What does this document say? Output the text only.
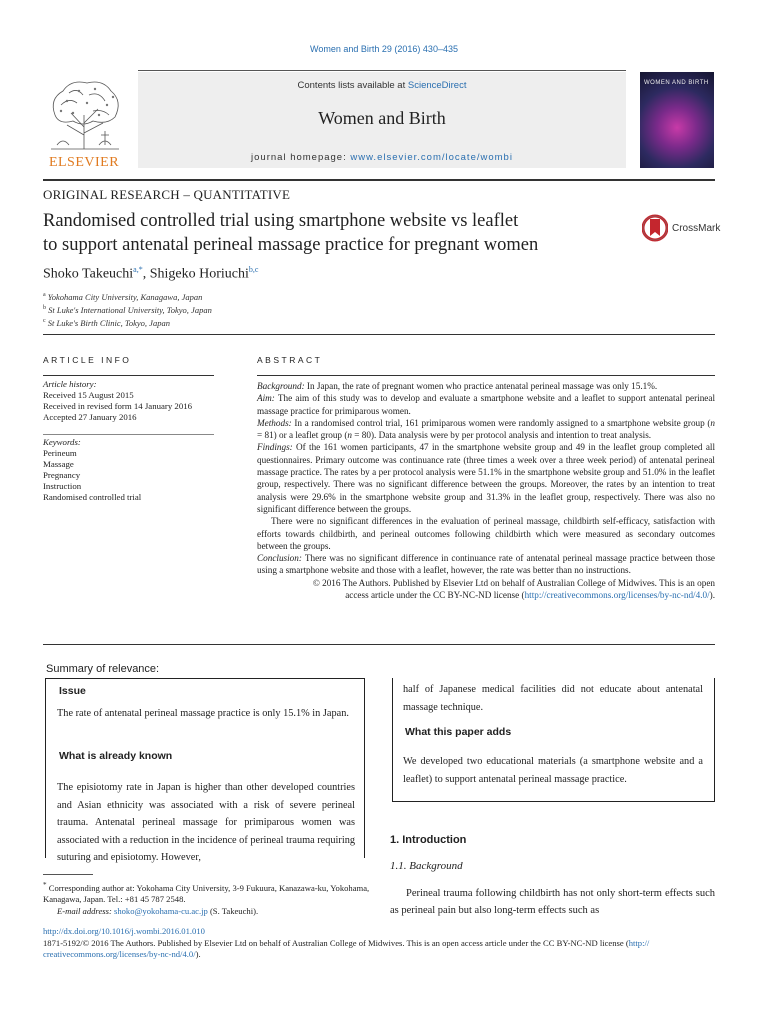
Women and Birth 29 (2016) 430–435
ELSEVIER
Contents lists available at ScienceDirect
Women and Birth
journal homepage: www.elsevier.com/locate/wombi
WOMEN AND BIRTH
ORIGINAL RESEARCH – QUANTITATIVE
Randomised controlled trial using smartphone website vs leaflet
to support antenatal perineal massage practice for pregnant women
CrossMark
Shoko Takeuchi$^{a,*}$, Shigeko Horiuchi$^{b,c}$
$^a$ Yokohama City University, Kanagawa, Japan
$^b$ St Luke's International University, Tokyo, Japan
$^c$ St Luke's Birth Clinic, Tokyo, Japan
ARTICLE INFO
Article history:
Received 15 August 2015
Received in revised form 14 January 2016
Accepted 27 January 2016
Keywords:
Perineum
Massage
Pregnancy
Instruction
Randomised controlled trial
ABSTRACT

Background: In Japan, the rate of pregnant women who practice antenatal perineal massage was only 15.1%.

Aim: The aim of this study was to develop and evaluate a smartphone website and a leaflet to support antenatal perineal massage practice for primiparous women.

Methods: In a randomised control trial, 161 primiparous women were randomly assigned to a smartphone website group (n = 81) or a leaflet group (n = 80). Data analysis were by per protocol analysis and intention to treat analysis.

Findings: Of the 161 women participants, 47 in the smartphone website group and 49 in the leaflet group completed all questionnaires. Primary outcome was continuance rate (three times a week over a three week period) of antenatal perineal massage practice. The rates by a per protocol analysis were 51.1% in the smartphone website group and 51.0% in the leaflet group, respectively. There was no significant difference between the groups. Moreover, the rates by an intention to treat analysis were 29.6% in the smartphone website group and 31.3% in the leaflet group, respectively. There was also no significant difference between the groups.

There were no significant differences in the evaluation of perineal massage, childbirth self-efficacy, satisfaction with efforts towards childbirth, and perineal outcomes following childbirth which were measured as secondary outcomes between the groups.

Conclusion: There was no significant difference in continuance rate of antenatal perineal massage practice between those using a smartphone website and those with a leaflet, however, the rate was better than no instructions.

© 2016 The Authors. Published by Elsevier Ltd on behalf of Australian College of Midwives. This is an open

access article under the CC BY-NC-ND license (http://creativecommons.org/licenses/by-nc-nd/4.0/).

Summary of relevance:
Issue
The rate of antenatal perineal massage practice is only 15.1% in Japan.
What is already known
The episiotomy rate in Japan is higher than other developed countries and Asian ethnicity was associated with a risk of severe perineal trauma. Antenatal perineal massage for primiparous women was associated with a reduction in the incidence of perineal trauma requiring suturing and episiotomy. However,
half of Japanese medical facilities did not educate about antenatal massage technique.
What this paper adds
We developed two educational materials (a smartphone website and a leaflet) to support antenatal perineal massage practice.
1. Introduction
1.1. Background
Perineal trauma following childbirth has not only short-term effects such as perineal pain but also long-term effects such as
* Corresponding author at: Yokohama City University, 3-9 Fukuura, Kanazawa-ku, Yokohama, Kanagawa, Japan. Tel.: +81 45 787 2548.
E-mail address: shoko@yokohama-cu.ac.jp (S. Takeuchi).
http://dx.doi.org/10.1016/j.wombi.2016.01.010
1871-5192/© 2016 The Authors. Published by Elsevier Ltd on behalf of Australian College of Midwives. This is an open access article under the CC BY-NC-ND license (http://
creativecommons.org/licenses/by-nc-nd/4.0/).
